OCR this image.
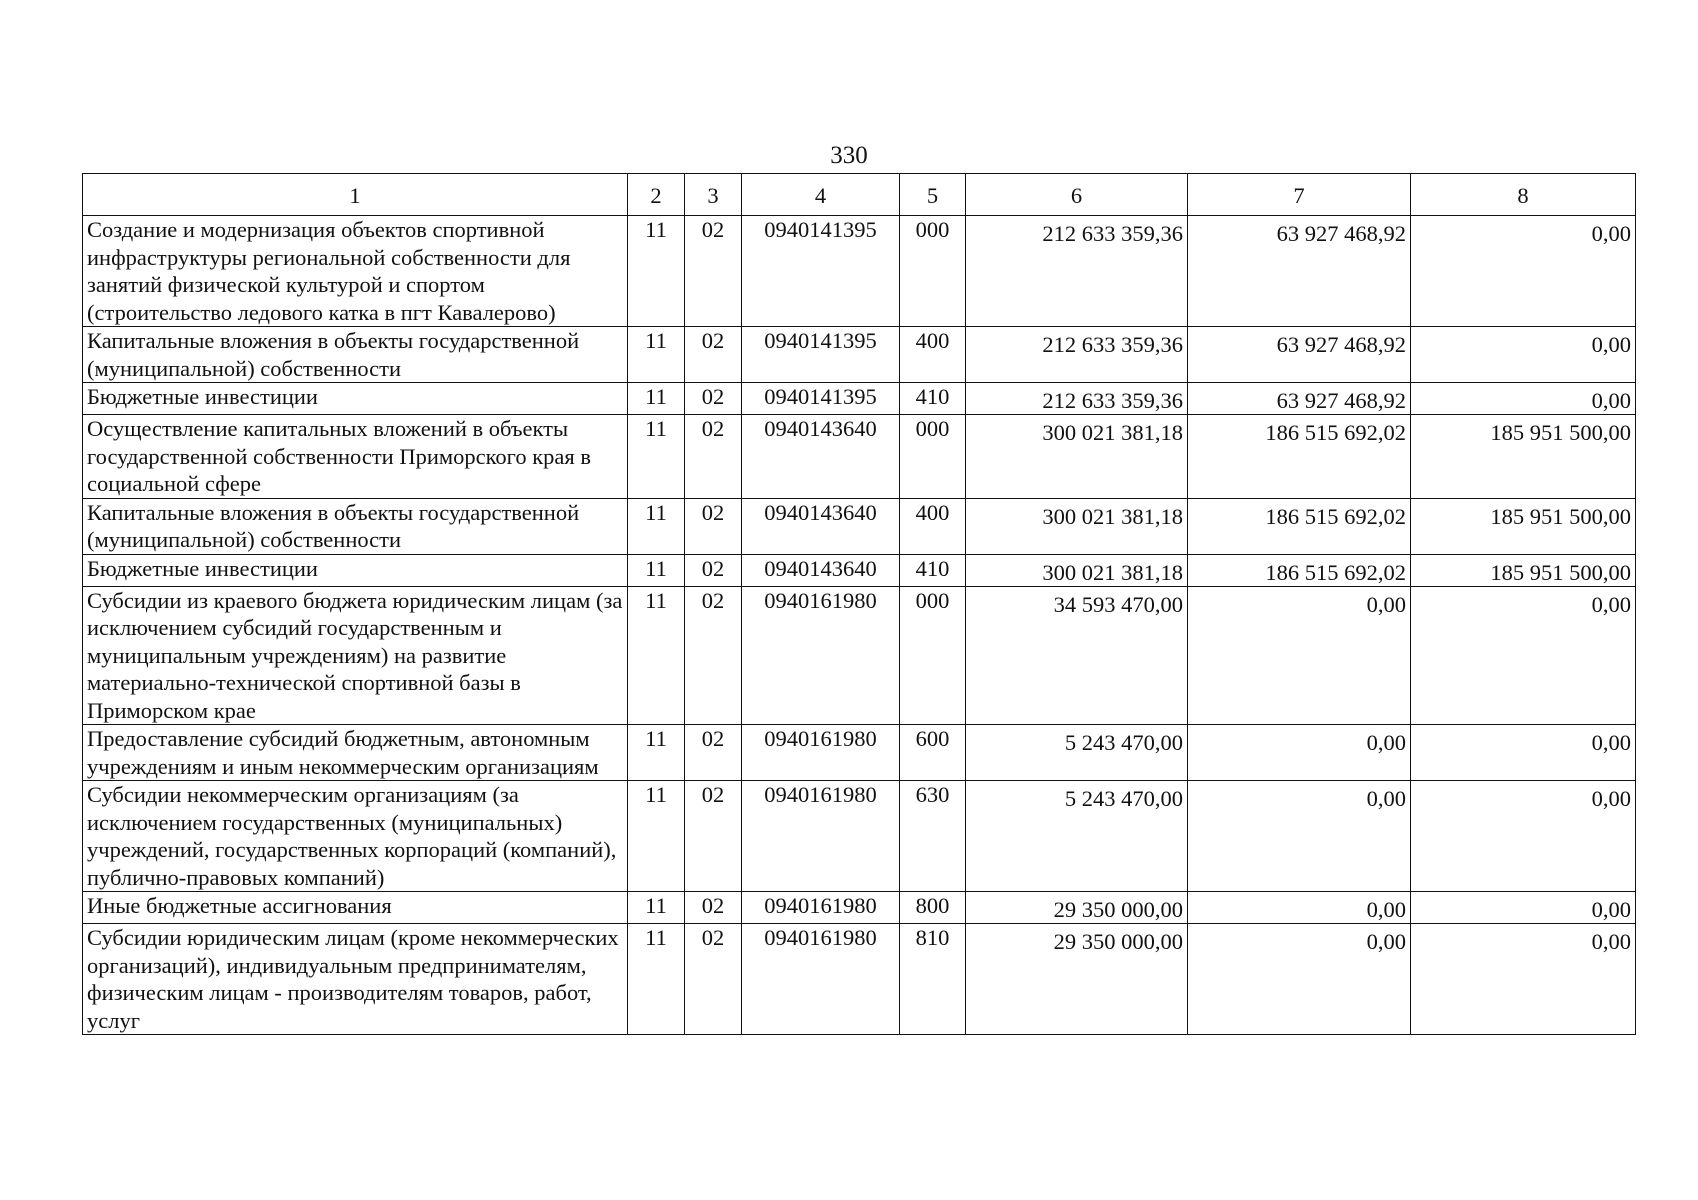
330
1	2	3	4	5	6	7	8
Создание и модернизация объектов спортивной инфраструктуры региональной собственности для занятий физической культурой и спортом (строительство ледового катка в пгт Кавалерово)	11	02	0940141395	000	212 633 359,36	63 927 468,92	0,00

Капитальные вложения в объекты государственной (муниципальной) собственности	11	02	0940141395	400	212 633 359,36	63 927 468,92	0,00

Бюджетные инвестиции	11	02	0940141395	410	212 633 359,36	63 927 468,92	0,00

Осуществление капитальных вложений в объекты государственной собственности Приморского края в социальной сфере	11	02	0940143640	000	300 021 381,18	186 515 692,02	185 951 500,00

Капитальные вложения в объекты государственной (муниципальной) собственности	11	02	0940143640	400	300 021 381,18	186 515 692,02	185 951 500,00

Бюджетные инвестиции	11	02	0940143640	410	300 021 381,18	186 515 692,02	185 951 500,00

Субсидии из краевого бюджета юридическим лицам (за исключением субсидий государственным и муниципальным учреждениям) на развитие материально-технической спортивной базы в Приморском крае	11	02	0940161980	000	34 593 470,00	0,00	0,00

Предоставление субсидий бюджетным, автономным учреждениям и иным некоммерческим организациям	11	02	0940161980	600	5 243 470,00	0,00	0,00

Субсидии некоммерческим организациям (за исключением государственных (муниципальных) учреждений, государственных корпораций (компаний), публично-правовых компаний)	11	02	0940161980	630	5 243 470,00	0,00	0,00

Иные бюджетные ассигнования	11	02	0940161980	800	29 350 000,00	0,00	0,00

Субсидии юридическим лицам (кроме некоммерческих организаций), индивидуальным предпринимателям, физическим лицам - производителям товаров, работ, услуг	11	02	0940161980	810	29 350 000,00	0,00	0,00
